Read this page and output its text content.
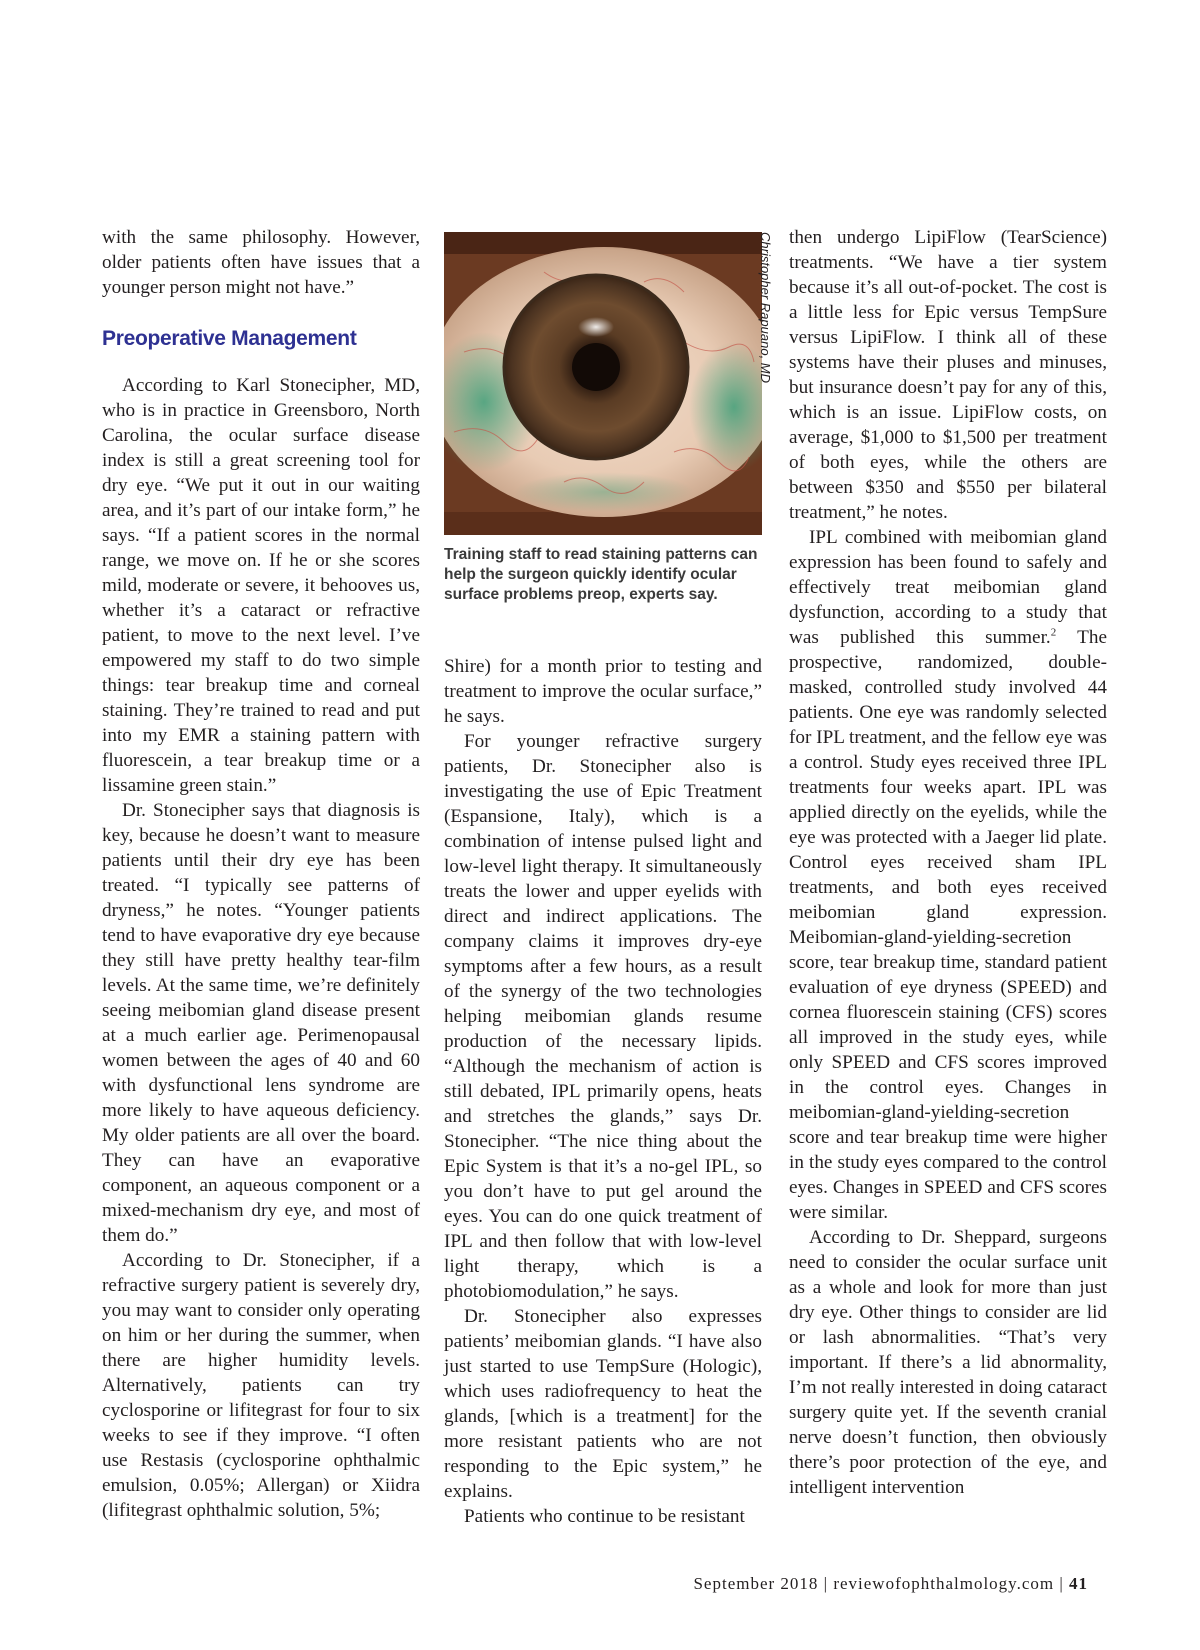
with the same philosophy. However, older patients often have issues that a younger person might not have.”

Preoperative Management

According to Karl Stonecipher, MD, who is in practice in Greensboro, North Carolina, the ocular surface disease index is still a great screening tool for dry eye. “We put it out in our waiting area, and it’s part of our intake form,” he says. “If a patient scores in the normal range, we move on. If he or she scores mild, moderate or severe, it behooves us, whether it’s a cataract or refractive patient, to move to the next level. I’ve empowered my staff to do two simple things: tear breakup time and corneal staining. They’re trained to read and put into my EMR a staining pattern with fluorescein, a tear breakup time or a lissamine green stain.”

Dr. Stonecipher says that diagnosis is key, because he doesn’t want to measure patients until their dry eye has been treated. “I typically see patterns of dryness,” he notes. “Younger patients tend to have evaporative dry eye because they still have pretty healthy tear-film levels. At the same time, we’re definitely seeing meibomian gland disease present at a much earlier age. Perimenopausal women between the ages of 40 and 60 with dysfunctional lens syndrome are more likely to have aqueous deficiency. My older patients are all over the board. They can have an evaporative component, an aqueous component or a mixed-mechanism dry eye, and most of them do.”

According to Dr. Stonecipher, if a refractive surgery patient is severely dry, you may want to consider only operating on him or her during the summer, when there are higher humidity levels. Alternatively, patients can try cyclosporine or lifitegrast for four to six weeks to see if they improve. “I often use Restasis (cyclosporine ophthalmic emulsion, 0.05%; Allergan) or Xiidra (lifitegrast ophthalmic solution, 5%;

Christopher Rapuano, MD
Training staff to read staining patterns can help the surgeon quickly identify ocular surface problems preop, experts say.

Shire) for a month prior to testing and treatment to improve the ocular surface,” he says.

For younger refractive surgery patients, Dr. Stonecipher also is investigating the use of Epic Treatment (Espansione, Italy), which is a combination of intense pulsed light and low-level light therapy. It simultaneously treats the lower and upper eyelids with direct and indirect applications. The company claims it improves dry-eye symptoms after a few hours, as a result of the synergy of the two technologies helping meibomian glands resume production of the necessary lipids. “Although the mechanism of action is still debated, IPL primarily opens, heats and stretches the glands,” says Dr. Stonecipher. “The nice thing about the Epic System is that it’s a no-gel IPL, so you don’t have to put gel around the eyes. You can do one quick treatment of IPL and then follow that with low-level light therapy, which is a photobiomodulation,” he says.

Dr. Stonecipher also expresses patients’ meibomian glands. “I have also just started to use TempSure (Hologic), which uses radiofrequency to heat the glands, [which is a treatment] for the more resistant patients who are not responding to the Epic system,” he explains.

Patients who continue to be resistant

then undergo LipiFlow (TearScience) treatments. “We have a tier system because it’s all out-of-pocket. The cost is a little less for Epic versus TempSure versus LipiFlow. I think all of these systems have their pluses and minuses, but insurance doesn’t pay for any of this, which is an issue. LipiFlow costs, on average, $1,000 to $1,500 per treatment of both eyes, while the others are between $350 and $550 per bilateral treatment,” he notes.

IPL combined with meibomian gland expression has been found to safely and effectively treat meibomian gland dysfunction, according to a study that was published this summer.$^2$ The prospective, randomized, double-masked, controlled study involved 44 patients. One eye was randomly selected for IPL treatment, and the fellow eye was a control. Study eyes received three IPL treatments four weeks apart. IPL was applied directly on the eyelids, while the eye was protected with a Jaeger lid plate. Control eyes received sham IPL treatments, and both eyes received meibomian gland expression. Meibomian-gland-yielding-secretion score, tear breakup time, standard patient evaluation of eye dryness (SPEED) and cornea fluorescein staining (CFS) scores all improved in the study eyes, while only SPEED and CFS scores improved in the control eyes. Changes in meibomian-gland-yielding-secretion score and tear breakup time were higher in the study eyes compared to the control eyes. Changes in SPEED and CFS scores were similar.

According to Dr. Sheppard, surgeons need to consider the ocular surface unit as a whole and look for more than just dry eye. Other things to consider are lid or lash abnormalities. “That’s very important. If there’s a lid abnormality, I’m not really interested in doing cataract surgery quite yet. If the seventh cranial nerve doesn’t function, then obviously there’s poor protection of the eye, and intelligent intervention

September 2018 | reviewofophthalmology.com | 41
